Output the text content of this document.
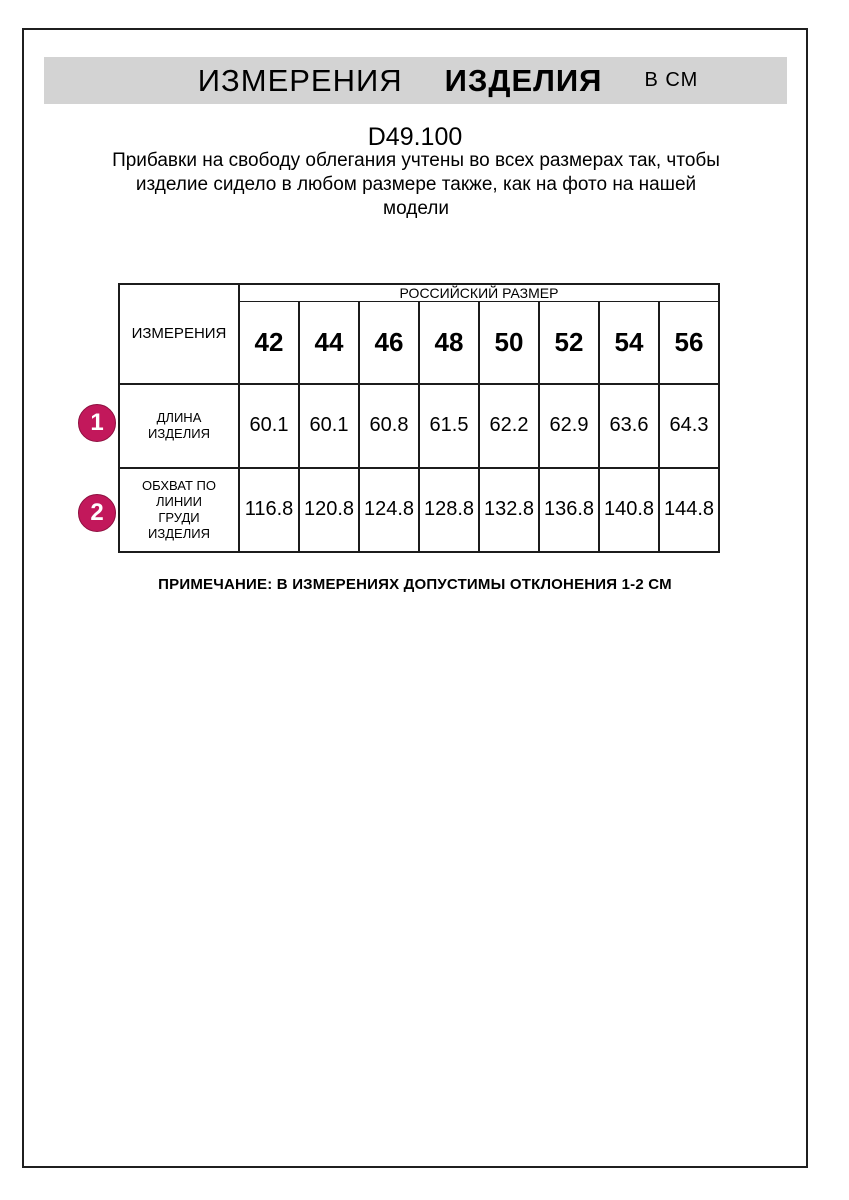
ИЗМЕРЕНИЯ ИЗДЕЛИЯ В СМ
D49.100
Прибавки на свободу облегания учтены во всех размерах так, чтобы изделие сидело в любом размере также, как на фото на нашей модели
ИЗМЕРЕНИЯ	РОССИЙСКИЙ РАЗМЕР							
	42	44	46	48	50	52	54	56
ДЛИНА ИЗДЕЛИЯ	60.1	60.1	60.8	61.5	62.2	62.9	63.6	64.3
ОБХВАТ ПО ЛИНИИ ГРУДИ ИЗДЕЛИЯ	116.8	120.8	124.8	128.8	132.8	136.8	140.8	144.8
1
2
ПРИМЕЧАНИЕ: В ИЗМЕРЕНИЯХ ДОПУСТИМЫ ОТКЛОНЕНИЯ 1-2 СМ
